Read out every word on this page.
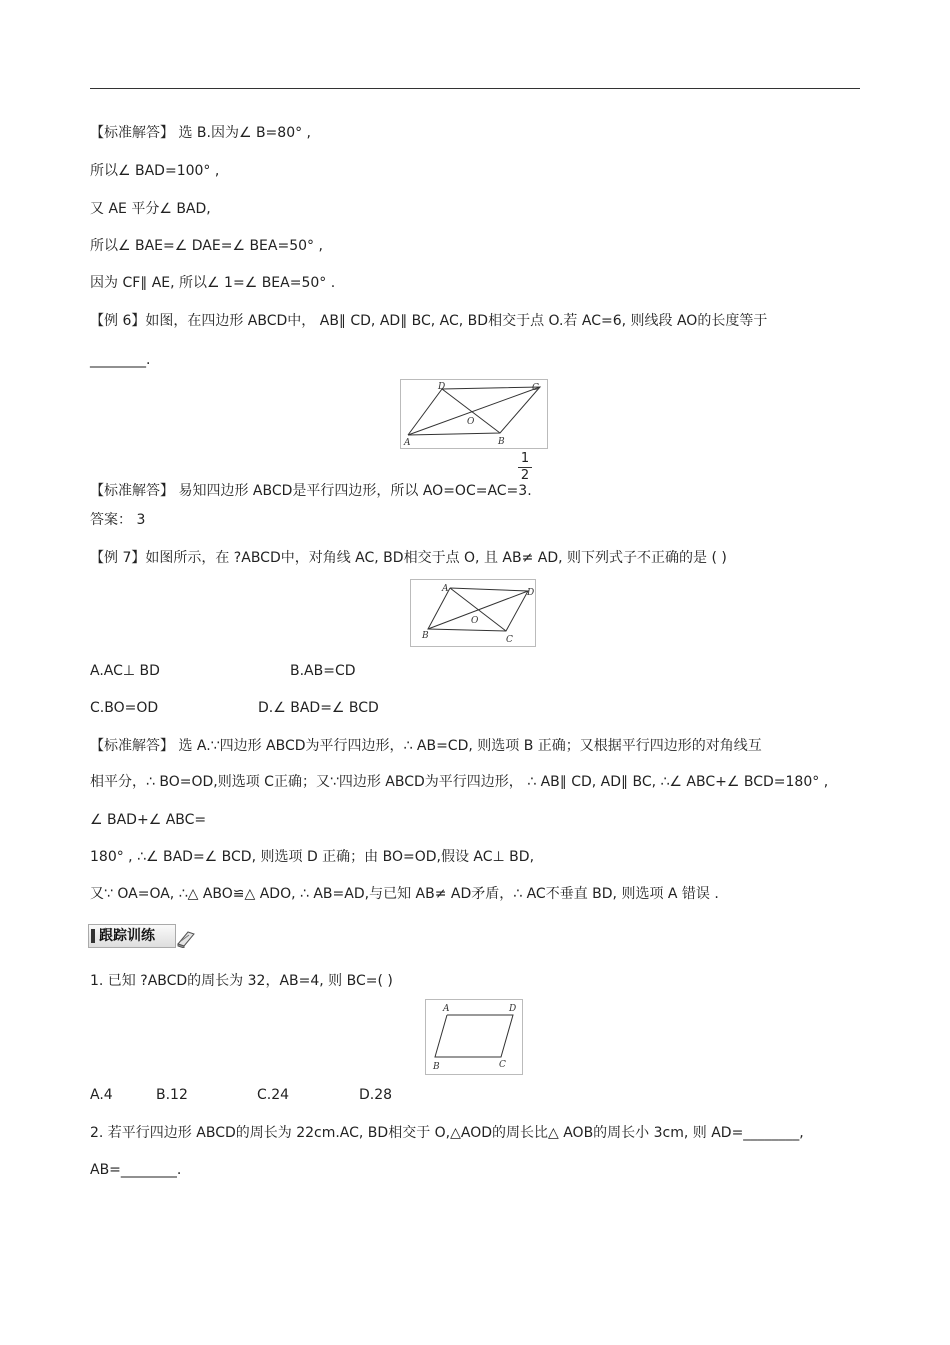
【标准解答】 选 B.因为∠ B=80° ,
所以∠ BAD=100° ,
又 AE 平分∠ BAD,
所以∠ BAE=∠ DAE=∠ BEA=50° ,
因为 CF∥ AE, 所以∠ 1=∠ BEA=50° .
【例 6】如图，在四边形 ABCD中， AB∥ CD, AD∥ BC, AC, BD相交于点 O.若 AC=6, 则线段 AO的长度等于
________.
A	B
C
D
O
1
2
【标准解答】 易知四边形 ABCD是平行四边形，所以 AO=OC=AC=3.
答案： 3
【例 7】如图所示，在 ?ABCD中，对角线 AC, BD相交于点 O, 且 AB≠ AD, 则下列式子不正确的是 ( )
A
B	C
D
O
A.AC⊥ BD	B.AB=CD
C.BO=OD	D.∠ BAD=∠ BCD
【标准解答】 选 A.∵四边形 ABCD为平行四边形，∴ AB=CD, 则选项 B 正确；又根据平行四边形的对角线互
相平分，∴ BO=OD,则选项 C正确；又∵四边形 ABCD为平行四边形， ∴ AB∥ CD, AD∥ BC, ∴∠ ABC+∠ BCD=180° ,
∠ BAD+∠ ABC=
180° , ∴∠ BAD=∠ BCD, 则选项 D 正确；由 BO=OD,假设 AC⊥ BD,
又∵ OA=OA, ∴△ ABO≌△ ADO, ∴ AB=AD,与已知 AB≠ AD矛盾，∴ AC不垂直 BD, 则选项 A 错误 .
跟踪训练
1. 已知 ?ABCD的周长为 32，AB=4, 则 BC=( )
A
B	C
D
A.4	B.12	C.24	D.28
2. 若平行四边形 ABCD的周长为 22cm.AC, BD相交于 O,△AOD的周长比△ AOB的周长小 3cm, 则 AD=________,
AB=________.
